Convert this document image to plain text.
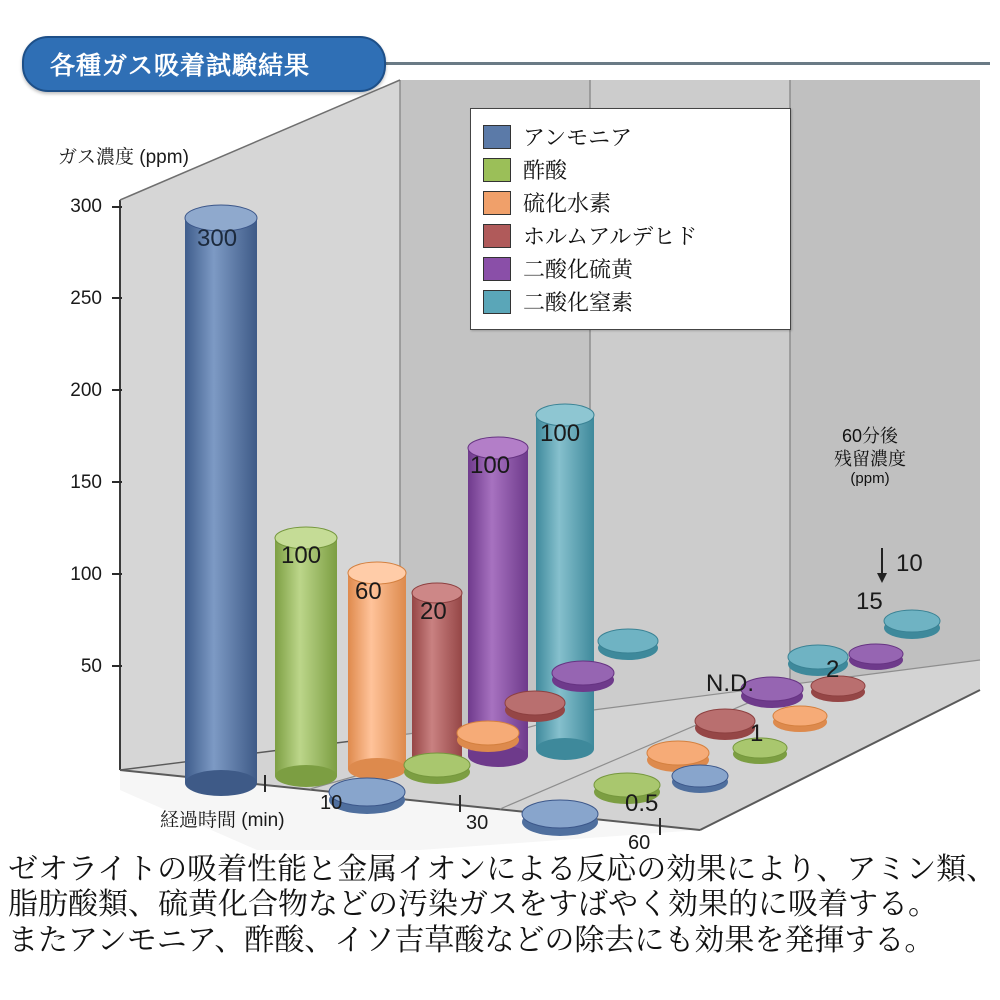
各種ガス吸着試験結果
ガス濃度 (ppm)
300
250
200
150
100
50
経過時間 (min)
10
30
60
300
100
60
20
100
100
0.5
1
N.D.
2
15
10
60分後
残留濃度
(ppm)
アンモニア
酢酸
硫化水素
ホルムアルデヒド
二酸化硫黄
二酸化窒素
ゼオライトの吸着性能と金属イオンによる反応の効果により、アミン類、
脂肪酸類、硫黄化合物などの汚染ガスをすばやく効果的に吸着する。
またアンモニア、酢酸、イソ吉草酸などの除去にも効果を発揮する。
